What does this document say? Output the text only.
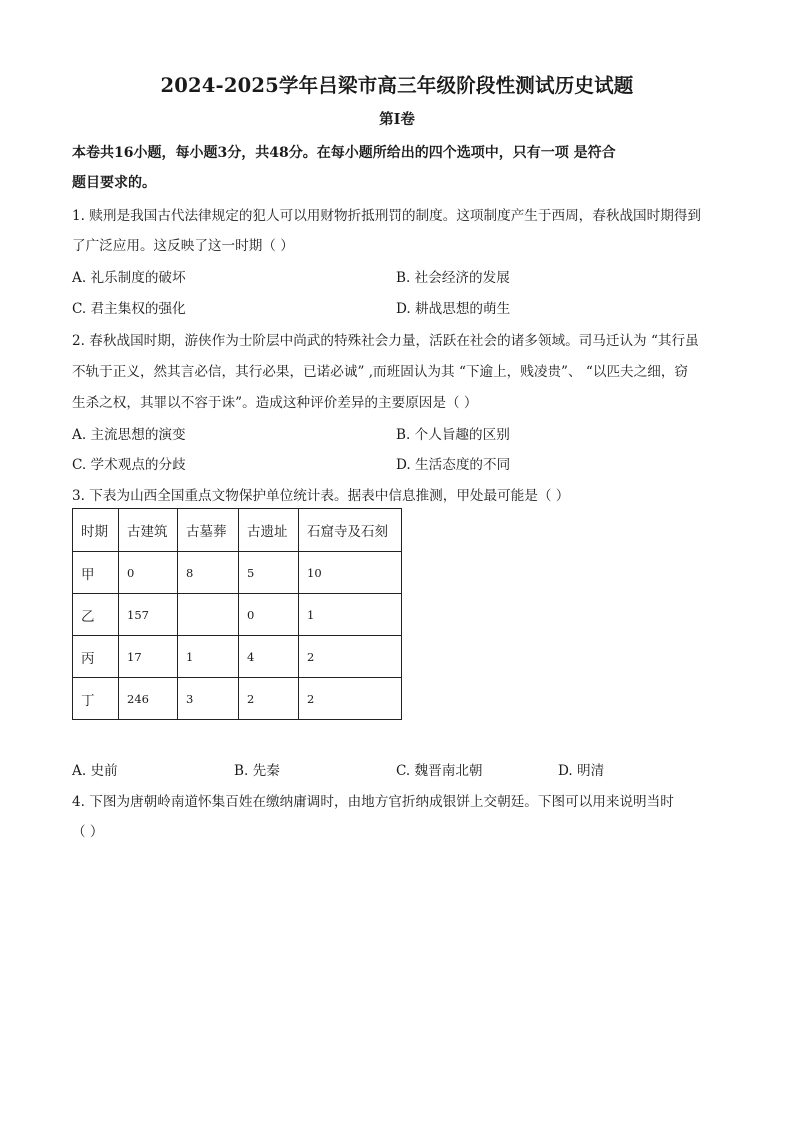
2024-2025学年吕梁市高三年级阶段性测试历史试题
第Ⅰ卷
本卷共16小题，每小题3分，共48分。在每小题所给出的四个选项中，只有一项 是符合
题目要求的。
1. 赎刑是我国古代法律规定的犯人可以用财物折抵刑罚的制度。这项制度产生于西周，春秋战国时期得到
了广泛应用。这反映了这一时期（ ）
A. 礼乐制度的破坏	B. 社会经济的发展
C. 君主集权的强化	D. 耕战思想的萌生
2. 春秋战国时期，游侠作为士阶层中尚武的特殊社会力量，活跃在社会的诸多领域。司马迁认为 “其行虽
不轨于正义，然其言必信，其行必果，已诺必诚” ,而班固认为其 “下逾上，贱凌贵”、 “以匹夫之细，窃
生杀之权，其罪以不容于诛”。造成这种评价差异的主要原因是（ ）
A. 主流思想的演变	B. 个人旨趣的区别
C. 学术观点的分歧	D. 生活态度的不同
3. 下表为山西全国重点文物保护单位统计表。据表中信息推测，甲处最可能是（ ）
时期	古建筑	古墓葬	古遗址	石窟寺及石刻
甲	0	8	5	10
乙	157		0	1
丙	17	1	4	2
丁	246	3	2	2
A. 史前	B. 先秦	C. 魏晋南北朝	D. 明清
4. 下图为唐朝岭南道怀集百姓在缴纳庸调时，由地方官折纳成银饼上交朝廷。下图可以用来说明当时
（ ）
